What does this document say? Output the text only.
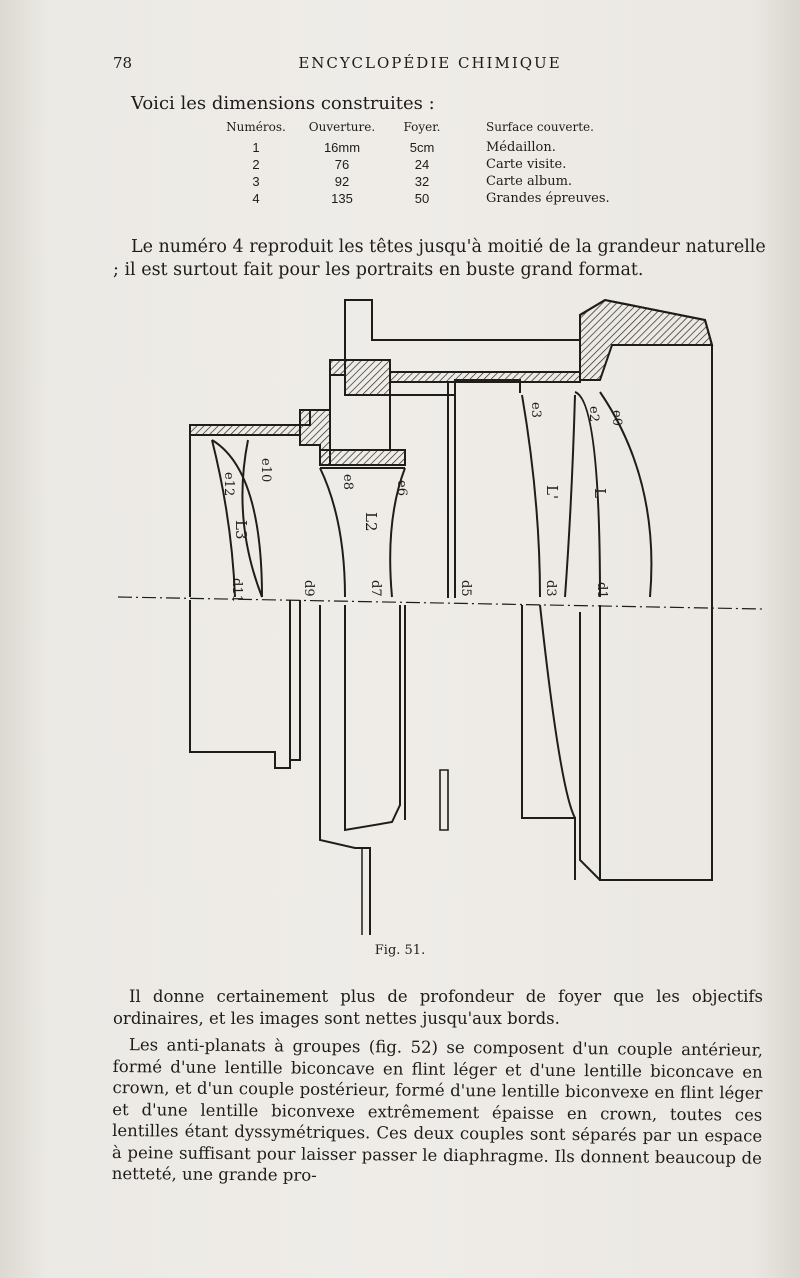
78	ENCYCLOPÉDIE CHIMIQUE
Voici les dimensions construites :
Numéros.	Ouverture.	Foyer.	Surface couverte.
1	16mm	5cm	Médaillon.
2	76	24	Carte visite.
3	92	32	Carte album.
4	135	50	Grandes épreuves.
Le numéro 4 reproduit les têtes jusqu'à moitié de la grandeur naturelle ; il est surtout fait pour les portraits en buste grand format.
e12
e10
L3
e8	e6
L2
e3	e2 e0
L' L
d11	d9	d7	d5	d3	d1
Fig. 51.
Il donne certainement plus de profondeur de foyer que les objectifs ordinaires, et les images sont nettes jusqu'aux bords.
Les anti-planats à groupes (fig. 52) se composent d'un couple antérieur, formé d'une lentille biconcave en flint léger et d'une lentille biconcave en crown, et d'un couple postérieur, formé d'une lentille biconvexe en flint léger et d'une lentille biconvexe extrêmement épaisse en crown, toutes ces lentilles étant dyssymétriques. Ces deux couples sont séparés par un espace à peine suffisant pour laisser passer le diaphragme. Ils donnent beaucoup de netteté, une grande pro-
